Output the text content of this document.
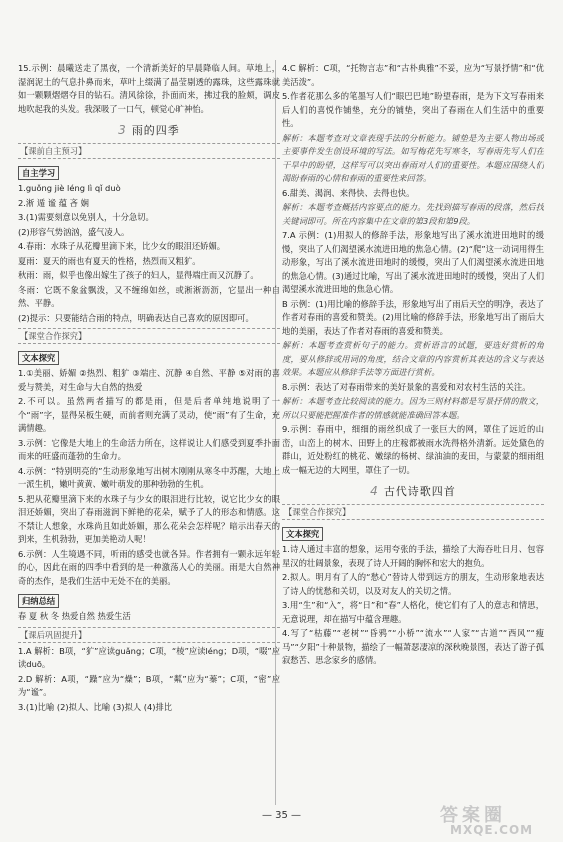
15.示例：晨曦送走了黑夜，一个清新美好的早晨降临人间。草地上，湿润泥土的气息扑鼻而来，草叶上缀满了晶莹剔透的露珠，这些露珠就如一颗颗熠熠夺目的钻石。清风徐徐，扑面而来，拂过我的脸颊，调皮地吹起我的头发。我深吸了一口气，顿觉心旷神怡。

3 雨的四季
【课前自主预习】
自主学习

1.guǒng jiè léng lì qǐ duò

2.淅 遁 谧 蕴 吝 娴

3.(1)需要刻意以免别人，十分急切。

(2)形容气势汹汹，盛气凌人。

4.春雨：水珠子从花瓣里滴下来，比少女的眼泪还娇媚。

夏雨：夏天的雨也有夏天的性格，热烈而又粗犷。

秋雨：雨，似乎也像出嫁生了孩子的妇人，显得端庄而又沉静了。

冬雨：它既不象盆飘泼，又不缠绵如丝，或淅淅沥沥，它显出一种自然、平静。

(2)提示：只要能结合雨的特点，明确表达自己喜欢的原因即可。

【课堂合作探究】
文本探究

1.①美丽、娇媚 ②热烈、粗犷 ③端庄、沉静 ④自然、平静 ⑤对雨的喜爱与赞美，对生命与大自然的热爱

2.不可以。虽然两者描写的都是雨，但是后者单纯地说明了一个“雨”字，显得呆板生硬，而前者则充满了灵动，使“雨”有了生命，充满情趣。

3.示例：它像是大地上的生命活力所在，这样说让人们感受到夏季扑面而来的旺盛而蓬勃的生命力。

4.示例：“特别明亮的”生动形象地写出树木刚刚从寒冬中苏醒，大地上一派生机，嫩叶黄黄、嫩叶萌发的那种勃勃的生机。

5.把从花瓣里滴下来的水珠子与少女的眼泪进行比较，说它比少女的眼泪还娇媚，突出了春雨滋润下鲜艳的花朵，赋予了人的形态和情感。这不禁让人想象，水珠尚且如此娇媚，那么花朵会怎样呢？暗示出春天的到来，生机勃勃，更加美艳动人呢！

6.示例：人生境遇不同，听雨的感受也就各异。作者拥有一颗永远年轻的心，因此在雨的四季中看到的是一种激荡人心的美丽。雨是大自然神奇的杰作，是我们生活中无处不在的美丽。

归纳总结

春 夏 秋 冬 热爱自然 热爱生活

【课后巩固提升】

1.A 解析：B项，“犷”应读guǎng；C项，“棱”应读léng；D项，“啜”应读duō。

2.D 解析：A项，“躁”应为“燥”；B项，“粼”应为“蓁”；C项，“密”应为“谧”。

3.(1)比喻 (2)拟人、比喻 (3)拟人 (4)排比

4.C 解析：C项，“托物言志”和“古朴典雅”不妥，应为“写景抒情”和“优美活泼”。

5.作者花那么多的笔墨写人们“眼巴巴地”盼望春雨，是为下文写春雨来后人们的喜悦作铺垫，充分的铺垫，突出了春雨在人们生活中的重要性。

解析：本题考查对文章表现手法的分析能力。铺垫是为主要人物出场或主要事件发生创设环境的写法。如写梅花先写寒冬，写春雨先写人们在干旱中的盼望，这样写可以突出春雨对人们的重要性。本题应围绕人们渴盼春雨的心情和春雨的重要性来回答。

6.甜美、渴润、来得快、去得也快。

解析：本题考查概括内容要点的能力。先找到描写春雨的段落，然后找关键词即可。所在内容集中在文章的第3段和第9段。

7.A 示例：(1)用拟人的修辞手法，形象地写出了溪水流进田地时的缓慢，突出了人们渴望溪水流进田地的焦急心情。(2)“爬”这一动词用得生动形象，写出了溪水流进田地时的缓慢，突出了人们渴望溪水流进田地的焦急心情。(3)通过比喻，写出了溪水流进田地时的缓慢，突出了人们渴望溪水流进田地的焦急心情。

B 示例：(1)用比喻的修辞手法，形象地写出了雨后天空的明净，表达了作者对春雨的喜爱和赞美。(2)用比喻的修辞手法，形象地写出了雨后大地的美丽，表达了作者对春雨的喜爱和赞美。

解析：本题考查赏析句子的能力。赏析语言的试题，要选好赏析的角度，要从修辞或用词的角度，结合文章的内容赏析其表达的含义与表达效果。本题应从修辞手法等方面进行赏析。

8.示例：表达了对春雨带来的美好景象的喜爱和对农村生活的关注。

解析：本题考查比较阅读的能力。因为三则材料都是写景抒情的散文，所以只要能把握准作者的情感就能准确回答本题。

9.示例：春雨中，细细的雨丝织成了一张巨大的网，罩住了远近的山峦，山峦上的树木、田野上的庄稼都被雨水洗得格外清新。远处黛色的群山，近处粉红的桃花、嫩绿的杨树、绿油油的麦田，与蒙蒙的细雨组成一幅无边的大网里，罩住了一切。

4 古代诗歌四首
【课堂合作探究】
文本探究

1.诗人通过丰富的想象，运用夸张的手法，描绘了大海吞吐日月、包容星汉的壮阔景象，表现了诗人开阔的胸怀和宏大的抱负。

2.拟人。明月有了人的“愁心”替诗人带到远方的朋友，生动形象地表达了诗人的忧愁和关切，以及对友人的关切之情。

3.用“生”和“入”，将“日”和“春”人格化，使它们有了人的意志和情思，无意说理，却在描写中蕴含理趣。

4.写了“枯藤”“老树”“昏鸦”“小桥”“流水”“人家”“古道”“西风”“瘦马”“夕阳”十种景物，描绘了一幅萧瑟凄凉的深秋晚景图，表达了游子孤寂愁苦、思念家乡的感情。

— 35 —	答案圈
MXQE.COM
